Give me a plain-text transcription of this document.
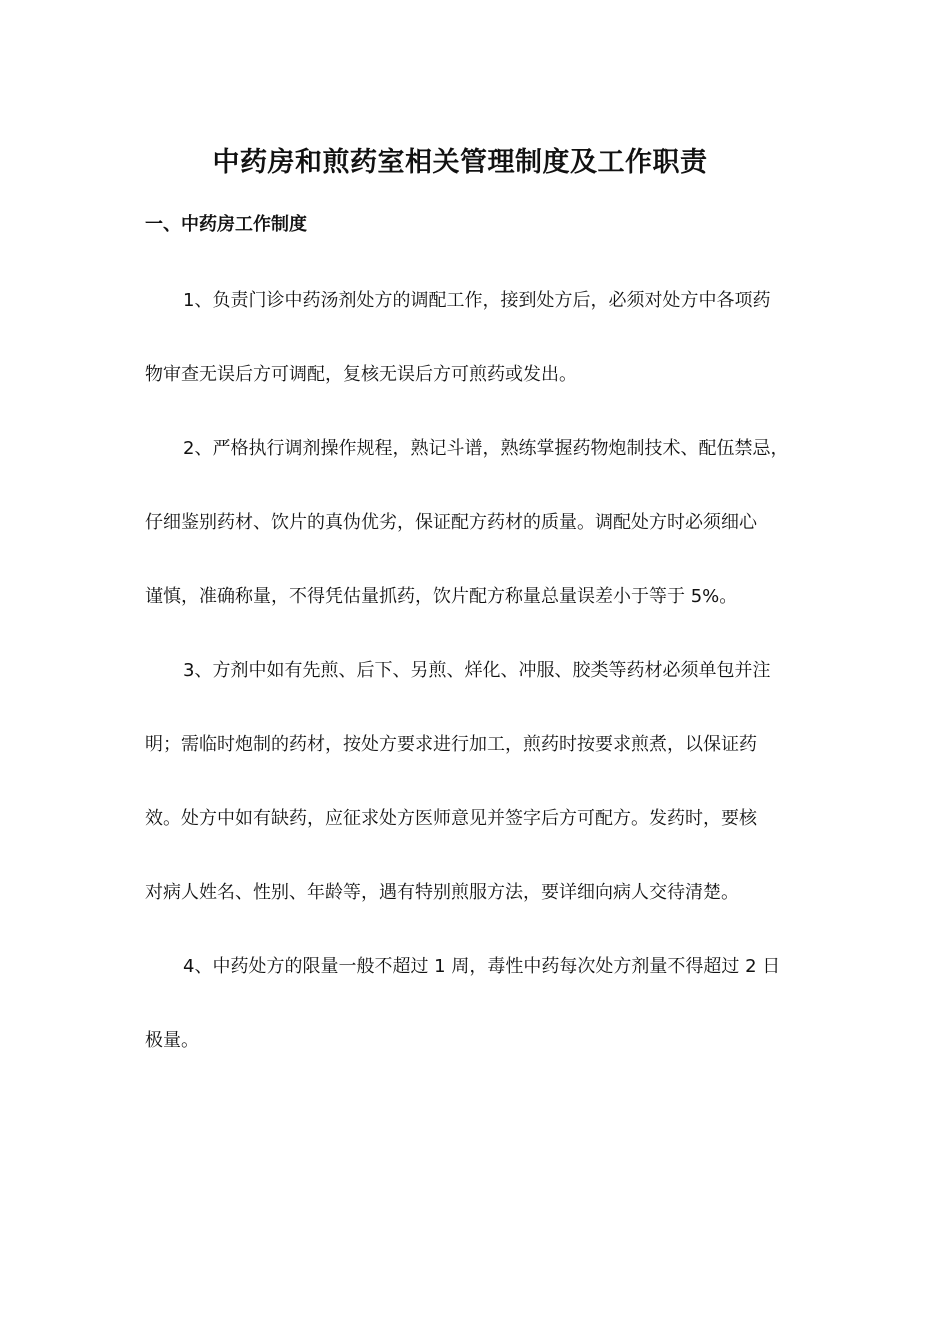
中药房和煎药室相关管理制度及工作职责
一、中药房工作制度
1、负责门诊中药汤剂处方的调配工作，接到处方后，必须对处方中各项药
物审查无误后方可调配，复核无误后方可煎药或发出。
2、严格执行调剂操作规程，熟记斗谱，熟练掌握药物炮制技术、配伍禁忌，
仔细鉴别药材、饮片的真伪优劣，保证配方药材的质量。调配处方时必须细心
谨慎，准确称量，不得凭估量抓药，饮片配方称量总量误差小于等于 5%。
3、方剂中如有先煎、后下、另煎、烊化、冲服、胶类等药材必须单包并注
明；需临时炮制的药材，按处方要求进行加工，煎药时按要求煎煮，以保证药
效。处方中如有缺药，应征求处方医师意见并签字后方可配方。发药时，要核
对病人姓名、性别、年龄等，遇有特别煎服方法，要详细向病人交待清楚。
4、中药处方的限量一般不超过 1 周，毒性中药每次处方剂量不得超过 2 日
极量。
